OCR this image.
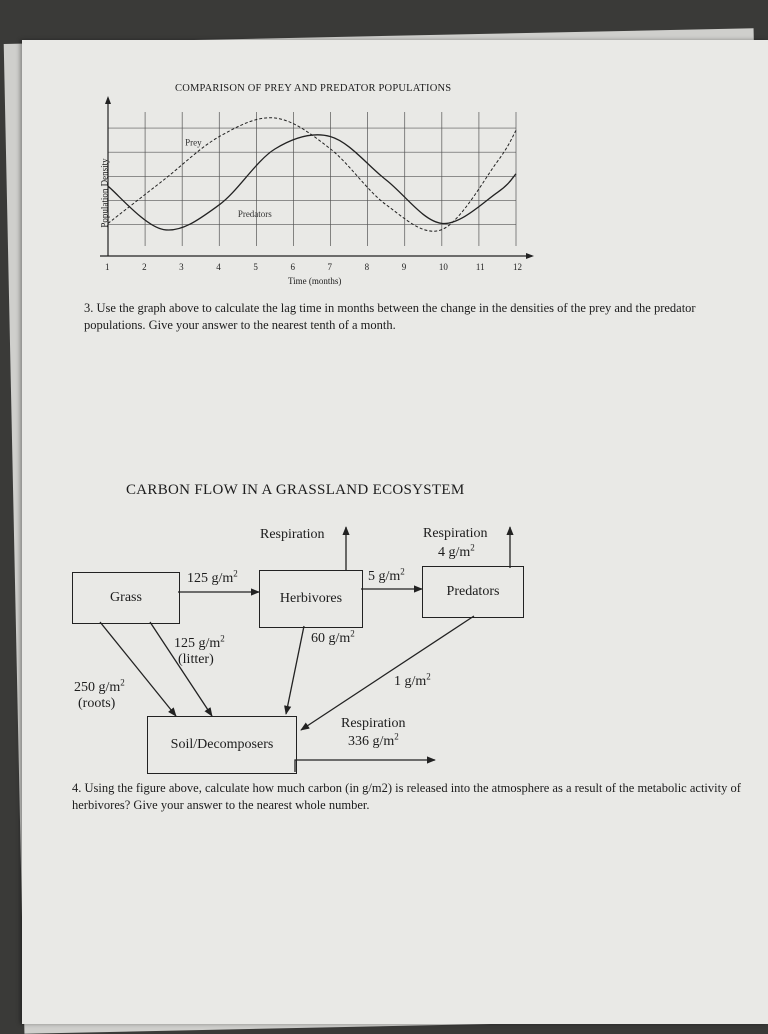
COMPARISON OF PREY AND PREDATOR POPULATIONS
Population Density
Time (months)
1	2	3	4	5	6	7	8	9	10	11	12
Prey
Predators
3. Use the graph above to calculate the lag time in months between the change in the densities of the prey and the predator populations. Give your answer to the nearest tenth of a month.
CARBON FLOW IN A GRASSLAND ECOSYSTEM
Grass	Herbivores	Predators
Soil/Decomposers
Respiration	Respiration
4 $g/m^2$
125 $g/m^2$	5 $g/m^2$
125 $g/m^2$
(litter)
60 $g/m^2$
250 $g/m^2$
(roots)
1 $g/m^2$
Respiration
336 $g/m^2$
4. Using the figure above, calculate how much carbon (in g/m2) is released into the atmosphere as a result of the metabolic activity of herbivores? Give your answer to the nearest whole number.
